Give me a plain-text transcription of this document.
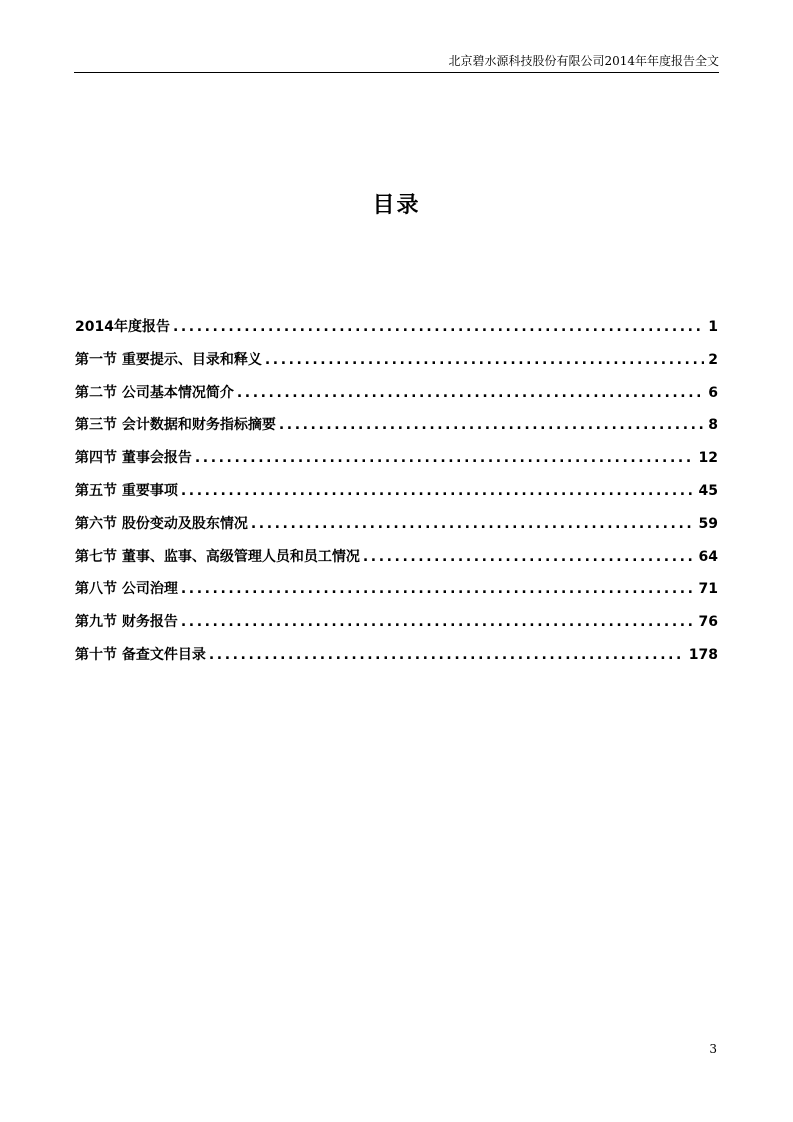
北京碧水源科技股份有限公司2014年年度报告全文
目录
2014年度报告 .....	1
第一节 重要提示、目录和释义 .....	2
第二节 公司基本情况简介 .....	6
第三节 会计数据和财务指标摘要 .....	8
第四节 董事会报告 .....	12
第五节 重要事项 .....	45
第六节 股份变动及股东情况 .....	59
第七节 董事、监事、高级管理人员和员工情况 .....	64
第八节 公司治理 .....	71
第九节 财务报告 .....	76
第十节 备查文件目录 .....	178
3
